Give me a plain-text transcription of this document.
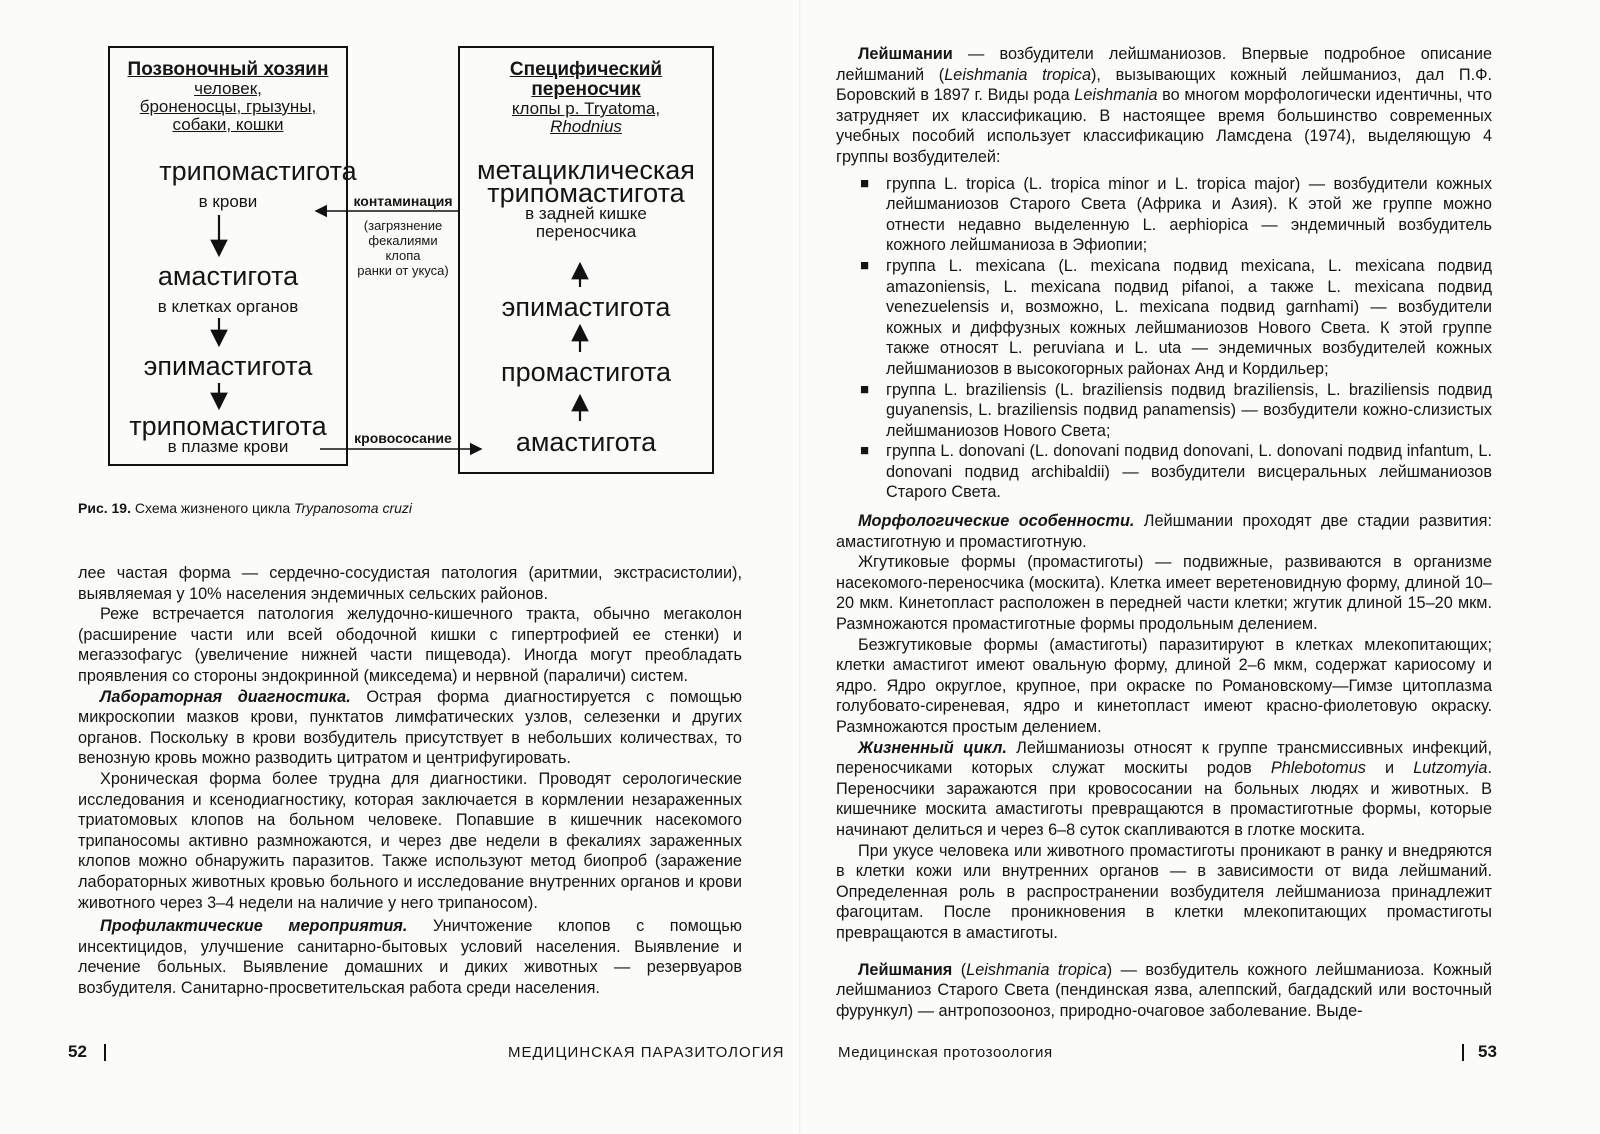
Позвоночный хозяин
человек,
броненосцы, грызуны,
собаки, кошки
трипомастигота
в крови
амастигота
в клетках органов
эпимастигота
трипомастигота
в плазме крови
Специфический
переносчик
клопы р. Tryatoma,
Rhodnius
метациклическая
трипомастигота
в задней кишке
переносчика
эпимастигота
промастигота
амастигота
контаминация
(загрязнение
фекалиями
клопа
ранки от укуса)
кровососание
Рис. 19. Схема жизненого цикла Trypanosoma cruzi

лее частая форма — сердечно-сосудистая патология (аритмии, экстрасистолии), выявляемая у 10% населения эндемичных сельских районов.

Реже встречается патология желудочно-кишечного тракта, обычно мегаколон (расширение части или всей ободочной кишки с гипертрофией ее стенки) и мегаэзофагус (увеличение нижней части пищевода). Иногда могут преобладать проявления со стороны эндокринной (микседема) и нервной (параличи) систем.

Лабораторная диагностика. Острая форма диагностируется с помощью микроскопии мазков крови, пунктатов лимфатических узлов, селезенки и других органов. Поскольку в крови возбудитель присутствует в небольших количествах, то венозную кровь можно разводить цитратом и центрифугировать.

Хроническая форма более трудна для диагностики. Проводят серологические исследования и ксенодиагностику, которая заключается в кормлении незараженных триатомовых клопов на больном человеке. Попавшие в кишечник насекомого трипаносомы активно размножаются, и через две недели в фекалиях зараженных клопов можно обнаружить паразитов. Также используют метод биопроб (заражение лабораторных животных кровью больного и исследование внутренних органов и крови животного через 3–4 недели на наличие у него трипаносом).

Профилактические мероприятия. Уничтожение клопов с помощью инсектицидов, улучшение санитарно-бытовых условий населения. Выявление и лечение больных. Выявление домашних и диких животных — резервуаров возбудителя. Санитарно-просветительская работа среди населения.

52	МЕДИЦИНСКАЯ ПАРАЗИТОЛОГИЯ

Лейшмании — возбудители лейшманиозов. Впервые подробное описание лейшманий (Leishmania tropica), вызывающих кожный лейшманиоз, дал П.Ф. Боровский в 1897 г. Виды рода Leishmania во многом морфологически идентичны, что затрудняет их классификацию. В настоящее время большинство современных учебных пособий использует классификацию Ламсдена (1974), выделяющую 4 группы возбудителей:

■ группа L. tropica (L. tropica minor и L. tropica major) — возбудители кожных лейшманиозов Старого Света (Африка и Азия). К этой же группе можно отнести недавно выделенную L. aephiopica — эндемичный возбудитель кожного лейшманиоза в Эфиопии;
■ группа L. mexicana (L. mexicana подвид mexicana, L. mexicana подвид amazoniensis, L. mexicana подвид pifanoi, а также L. mexicana подвид venezuelensis и, возможно, L. mexicana подвид garnhami) — возбудители кожных и диффузных кожных лейшманиозов Нового Света. К этой группе также относят L. peruviana и L. uta — эндемичных возбудителей кожных лейшманиозов в высокогорных районах Анд и Кордильер;
■ группа L. braziliensis (L. braziliensis подвид braziliensis, L. braziliensis подвид guyanensis, L. braziliensis подвид panamensis) — возбудители кожно-слизистых лейшманиозов Нового Света;
■ группа L. donovani (L. donovani подвид donovani, L. donovani подвид infantum, L. donovani подвид archibaldii) — возбудители висцеральных лейшманиозов Старого Света.

Морфологические особенности. Лейшмании проходят две стадии развития: амастиготную и промастиготную.

Жгутиковые формы (промастиготы) — подвижные, развиваются в организме насекомого-переносчика (москита). Клетка имеет веретеновидную форму, длиной 10–20 мкм. Кинетопласт расположен в передней части клетки; жгутик длиной 15–20 мкм. Размножаются промастиготные формы продольным делением.

Безжгутиковые формы (амастиготы) паразитируют в клетках млекопитающих; клетки амастигот имеют овальную форму, длиной 2–6 мкм, содержат кариосому и ядро. Ядро округлое, крупное, при окраске по Романовскому—Гимзе цитоплазма голубовато-сиреневая, ядро и кинетопласт имеют красно-фиолетовую окраску. Размножаются простым делением.

Жизненный цикл. Лейшманиозы относят к группе трансмиссивных инфекций, переносчиками которых служат москиты родов Phlebotomus и Lutzomyia. Переносчики заражаются при кровососании на больных людях и животных. В кишечнике москита амастиготы превращаются в промастиготные формы, которые начинают делиться и через 6–8 суток скапливаются в глотке москита.

При укусе человека или животного промастиготы проникают в ранку и внедряются в клетки кожи или внутренних органов — в зависимости от вида лейшманий. Определенная роль в распространении возбудителя лейшманиоза принадлежит фагоцитам. После проникновения в клетки млекопитающих промастиготы превращаются в амастиготы.

Лейшмания (Leishmania tropica) — возбудитель кожного лейшманиоза. Кожный лейшманиоз Старого Света (пендинская язва, алеппский, багдадский или восточный фурункул) — антропозооноз, природно-очаговое заболевание. Выде-

Медицинская протозоология	53
